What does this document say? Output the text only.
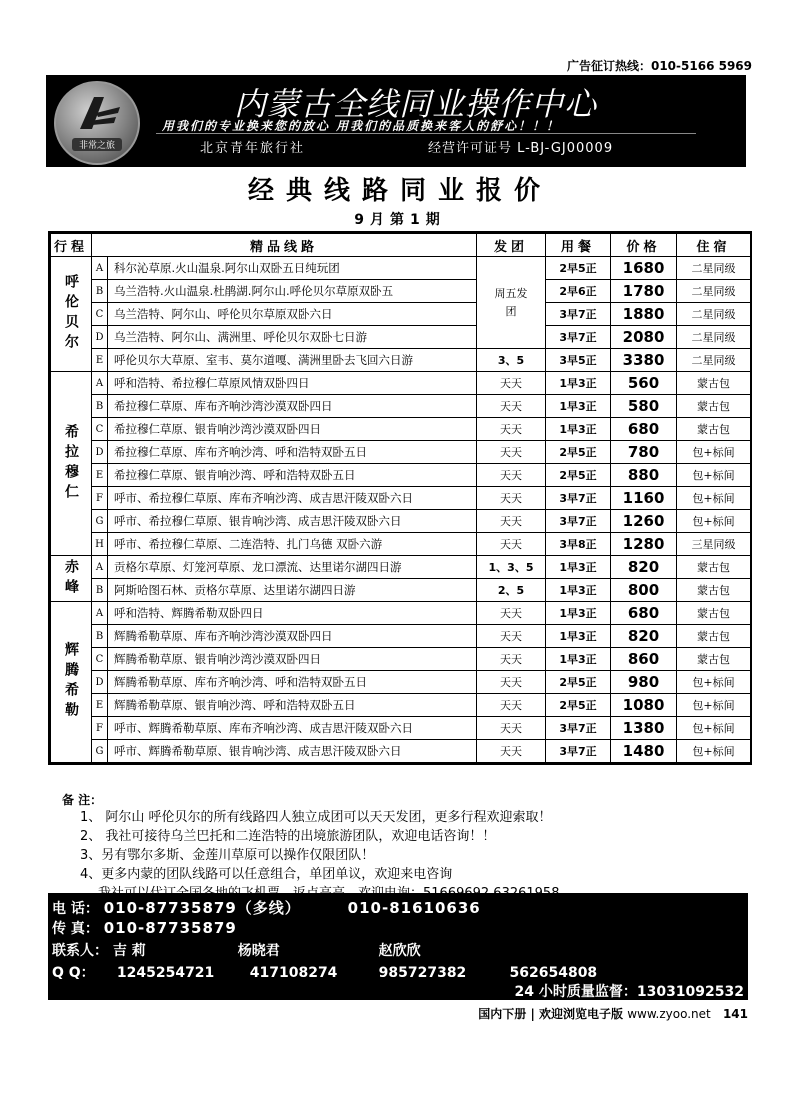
广告征订热线：010-5166 5969
非常之旅
内蒙古全线同业操作中心
用我们的专业换来您的放心 用我们的品质换来客人的舒心！！！
北京青年旅行社	经营许可证号 L-BJ-GJ00009
经典线路同业报价
9月第1期
行程	精品线路		发团	用餐	价格	住宿
呼伦贝尔	A	科尔沁草原.火山温泉.阿尔山双卧五日纯玩团	周五发团	2早5正	1680	二星同级
	B	乌兰浩特.火山温泉.杜鹃湖.阿尔山.呼伦贝尔草原双卧五		2早6正	1780	二星同级
	C	乌兰浩特、阿尔山、呼伦贝尔草原双卧六日		3早7正	1880	二星同级
	D	乌兰浩特、阿尔山、满洲里、呼伦贝尔双卧七日游		3早7正	2080	二星同级
	E	呼伦贝尔大草原、室韦、莫尔道嘎、满洲里卧去飞回六日游	3、5	3早5正	3380	二星同级
希拉穆仁	A	呼和浩特、希拉穆仁草原风情双卧四日	天天	1早3正	560	蒙古包
	B	希拉穆仁草原、库布齐响沙湾沙漠双卧四日	天天	1早3正	580	蒙古包
	C	希拉穆仁草原、银肯响沙湾沙漠双卧四日	天天	1早3正	680	蒙古包
	D	希拉穆仁草原、库布齐响沙湾、呼和浩特双卧五日	天天	2早5正	780	包+标间
	E	希拉穆仁草原、银肯响沙湾、呼和浩特双卧五日	天天	2早5正	880	包+标间
	F	呼市、希拉穆仁草原、库布齐响沙湾、成吉思汗陵双卧六日	天天	3早7正	1160	包+标间
	G	呼市、希拉穆仁草原、银肯响沙湾、成吉思汗陵双卧六日	天天	3早7正	1260	包+标间
	H	呼市、希拉穆仁草原、二连浩特、扎门乌德 双卧六游	天天	3早8正	1280	三星同级
赤峰	A	贡格尔草原、灯笼河草原、龙口漂流、达里诺尔湖四日游	1、3、5	1早3正	820	蒙古包
	B	阿斯哈图石林、贡格尔草原、达里诺尔湖四日游	2、5	1早3正	800	蒙古包
辉腾希勒	A	呼和浩特、辉腾希勒双卧四日	天天	1早3正	680	蒙古包
	B	辉腾希勒草原、库布齐响沙湾沙漠双卧四日	天天	1早3正	820	蒙古包
	C	辉腾希勒草原、银肯响沙湾沙漠双卧四日	天天	1早3正	860	蒙古包
	D	辉腾希勒草原、库布齐响沙湾、呼和浩特双卧五日	天天	2早5正	980	包+标间
	E	辉腾希勒草原、银肯响沙湾、呼和浩特双卧五日	天天	2早5正	1080	包+标间
	F	呼市、辉腾希勒草原、库布齐响沙湾、成吉思汗陵双卧六日	天天	3早7正	1380	包+标间
	G	呼市、辉腾希勒草原、银肯响沙湾、成吉思汗陵双卧六日	天天	3早7正	1480	包+标间
备 注：
1、 阿尔山 呼伦贝尔的所有线路四人独立成团可以天天发团，更多行程欢迎索取！
2、 我社可接待乌兰巴托和二连浩特的出境旅游团队，欢迎电话咨询！！
3、另有鄂尔多斯、金莲川草原可以操作仅限团队！
4、更多内蒙的团队线路可以任意组合，单团单议，欢迎来电咨询
电 话： 010-87735879（多线）	010-81610636
传 真： 010-87735879
联系人： 吉 莉	杨晓君	赵欣欣
Q Q： 1245254721	417108274	985727382	562654808
24 小时质量监督：13031092532
国内下册 | 欢迎浏览电子版 www.zyoo.net 141
